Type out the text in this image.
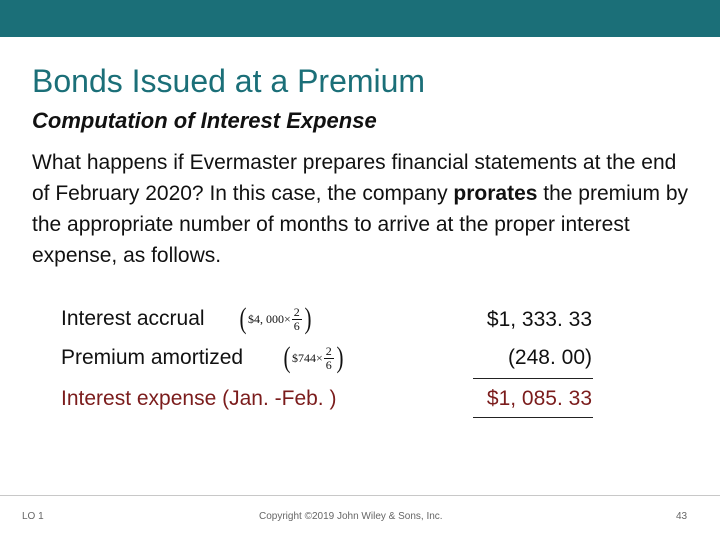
Bonds Issued at a Premium
Computation of Interest Expense
What happens if Evermaster prepares financial statements at the end of February 2020? In this case, the company prorates the premium by the appropriate number of months to arrive at the proper interest expense, as follows.
Interest accrual ( $4, $000 \times \frac{2}{6}$ )	$1, 333. 33
Premium amortized ( $744 × $\frac{2}{6}$ )	(248. 00)
Interest expense (Jan. -Feb. )	$1, 085. 33
LO 1	Copyright ©2019 John Wiley & Sons, Inc.	43
